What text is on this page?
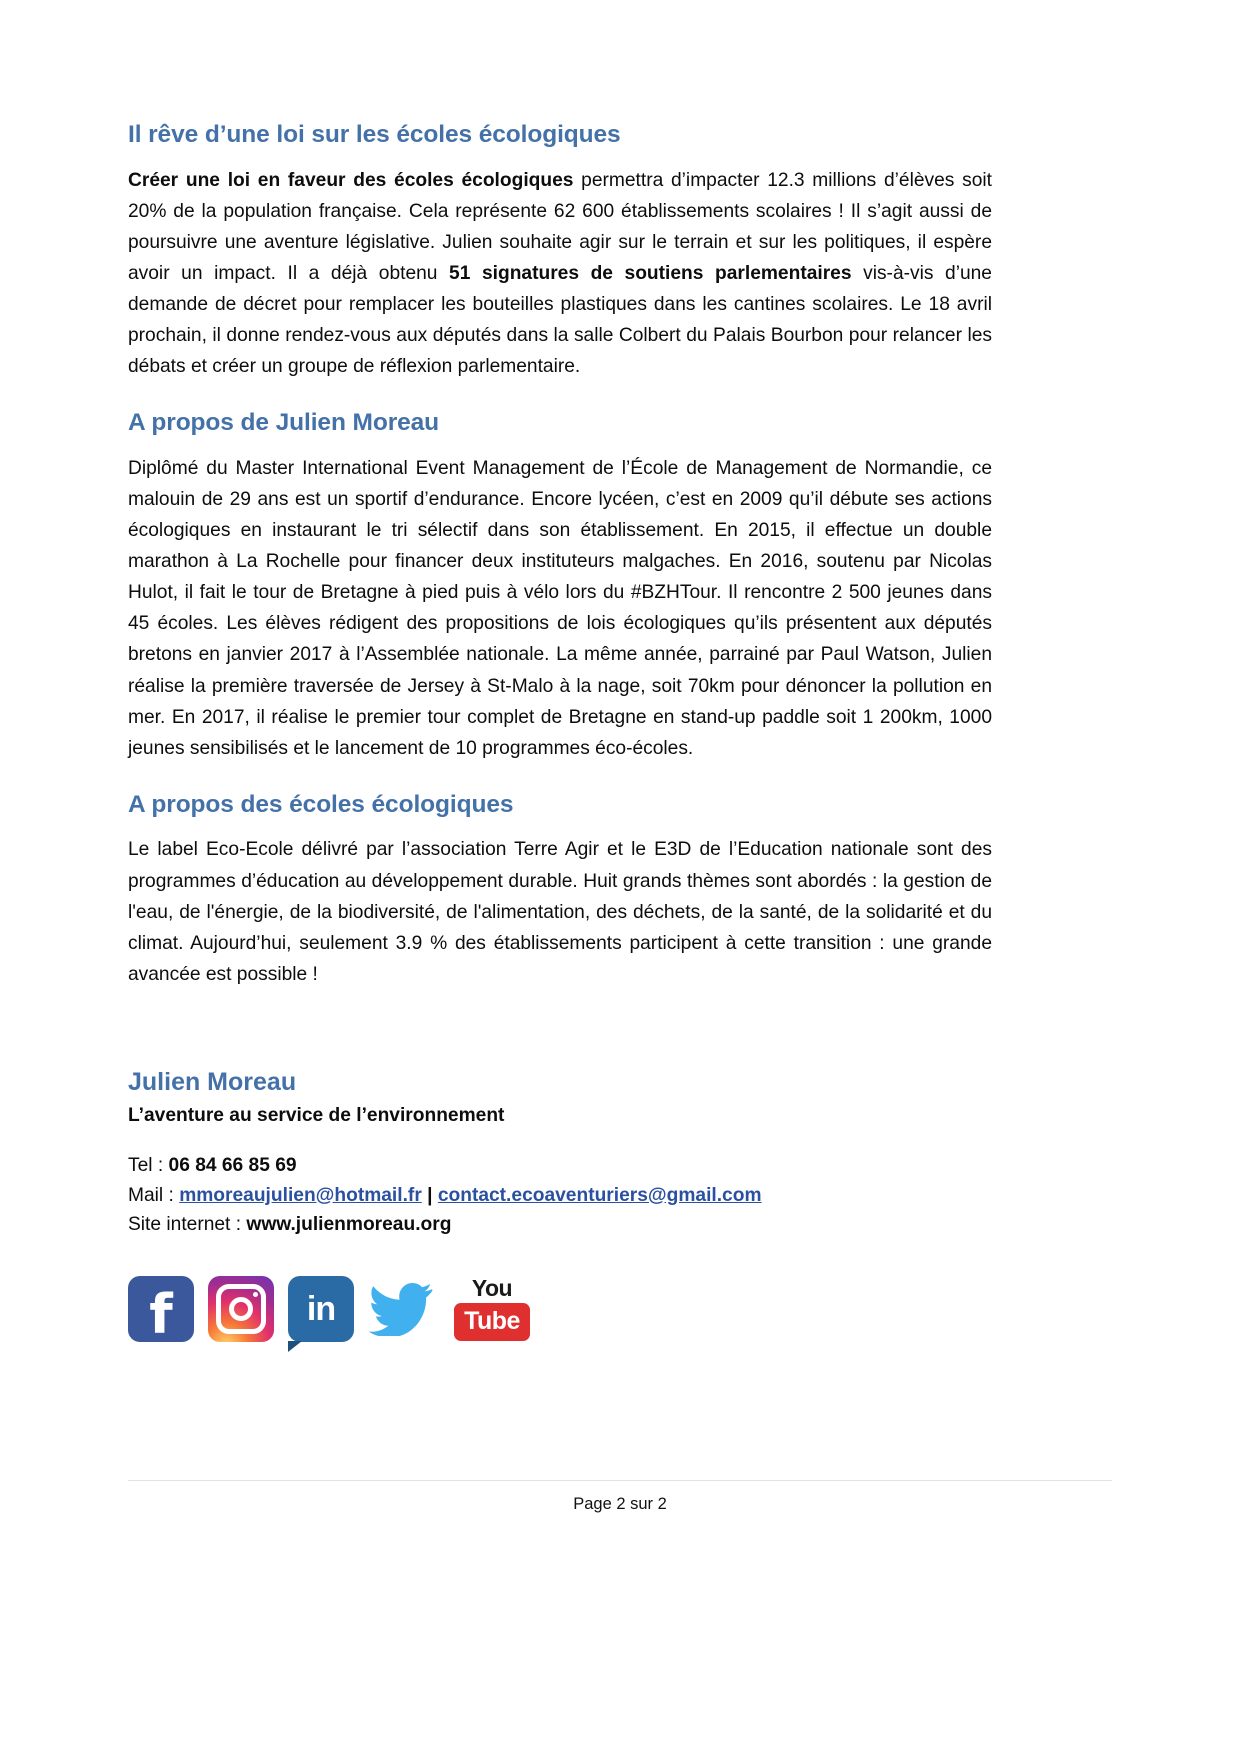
Il rêve d’une loi sur les écoles écologiques

Créer une loi en faveur des écoles écologiques permettra d’impacter 12.3 millions d’élèves soit 20% de la population française. Cela représente 62 600 établissements scolaires ! Il s’agit aussi de poursuivre une aventure législative. Julien souhaite agir sur le terrain et sur les politiques, il espère avoir un impact. Il a déjà obtenu 51 signatures de soutiens parlementaires vis-à-vis d’une demande de décret pour remplacer les bouteilles plastiques dans les cantines scolaires. Le 18 avril prochain, il donne rendez-vous aux députés dans la salle Colbert du Palais Bourbon pour relancer les débats et créer un groupe de réflexion parlementaire.

A propos de Julien Moreau

Diplômé du Master International Event Management de l’École de Management de Normandie, ce malouin de 29 ans est un sportif d’endurance. Encore lycéen, c’est en 2009 qu’il débute ses actions écologiques en instaurant le tri sélectif dans son établissement. En 2015, il effectue un double marathon à La Rochelle pour financer deux instituteurs malgaches. En 2016, soutenu par Nicolas Hulot, il fait le tour de Bretagne à pied puis à vélo lors du #BZHTour. Il rencontre 2 500 jeunes dans 45 écoles. Les élèves rédigent des propositions de lois écologiques qu’ils présentent aux députés bretons en janvier 2017 à l’Assemblée nationale. La même année, parrainé par Paul Watson, Julien réalise la première traversée de Jersey à St-Malo à la nage, soit 70km pour dénoncer la pollution en mer. En 2017, il réalise le premier tour complet de Bretagne en stand-up paddle soit 1 200km, 1000 jeunes sensibilisés et le lancement de 10 programmes éco-écoles.

A propos des écoles écologiques

Le label Eco-Ecole délivré par l’association Terre Agir et le E3D de l’Education nationale sont des programmes d’éducation au développement durable. Huit grands thèmes sont abordés : la gestion de l'eau, de l'énergie, de la biodiversité, de l'alimentation, des déchets, de la santé, de la solidarité et du climat. Aujourd’hui, seulement 3.9 % des établissements participent à cette transition : une grande avancée est possible !

Julien Moreau
L’aventure au service de l’environnement

Tel : 06 84 66 85 69

Mail : mmoreaujulien@hotmail.fr | contact.ecoaventuriers@gmail.com

Site internet : www.julienmoreau.org

f	in
You
Tube
Page 2 sur 2
